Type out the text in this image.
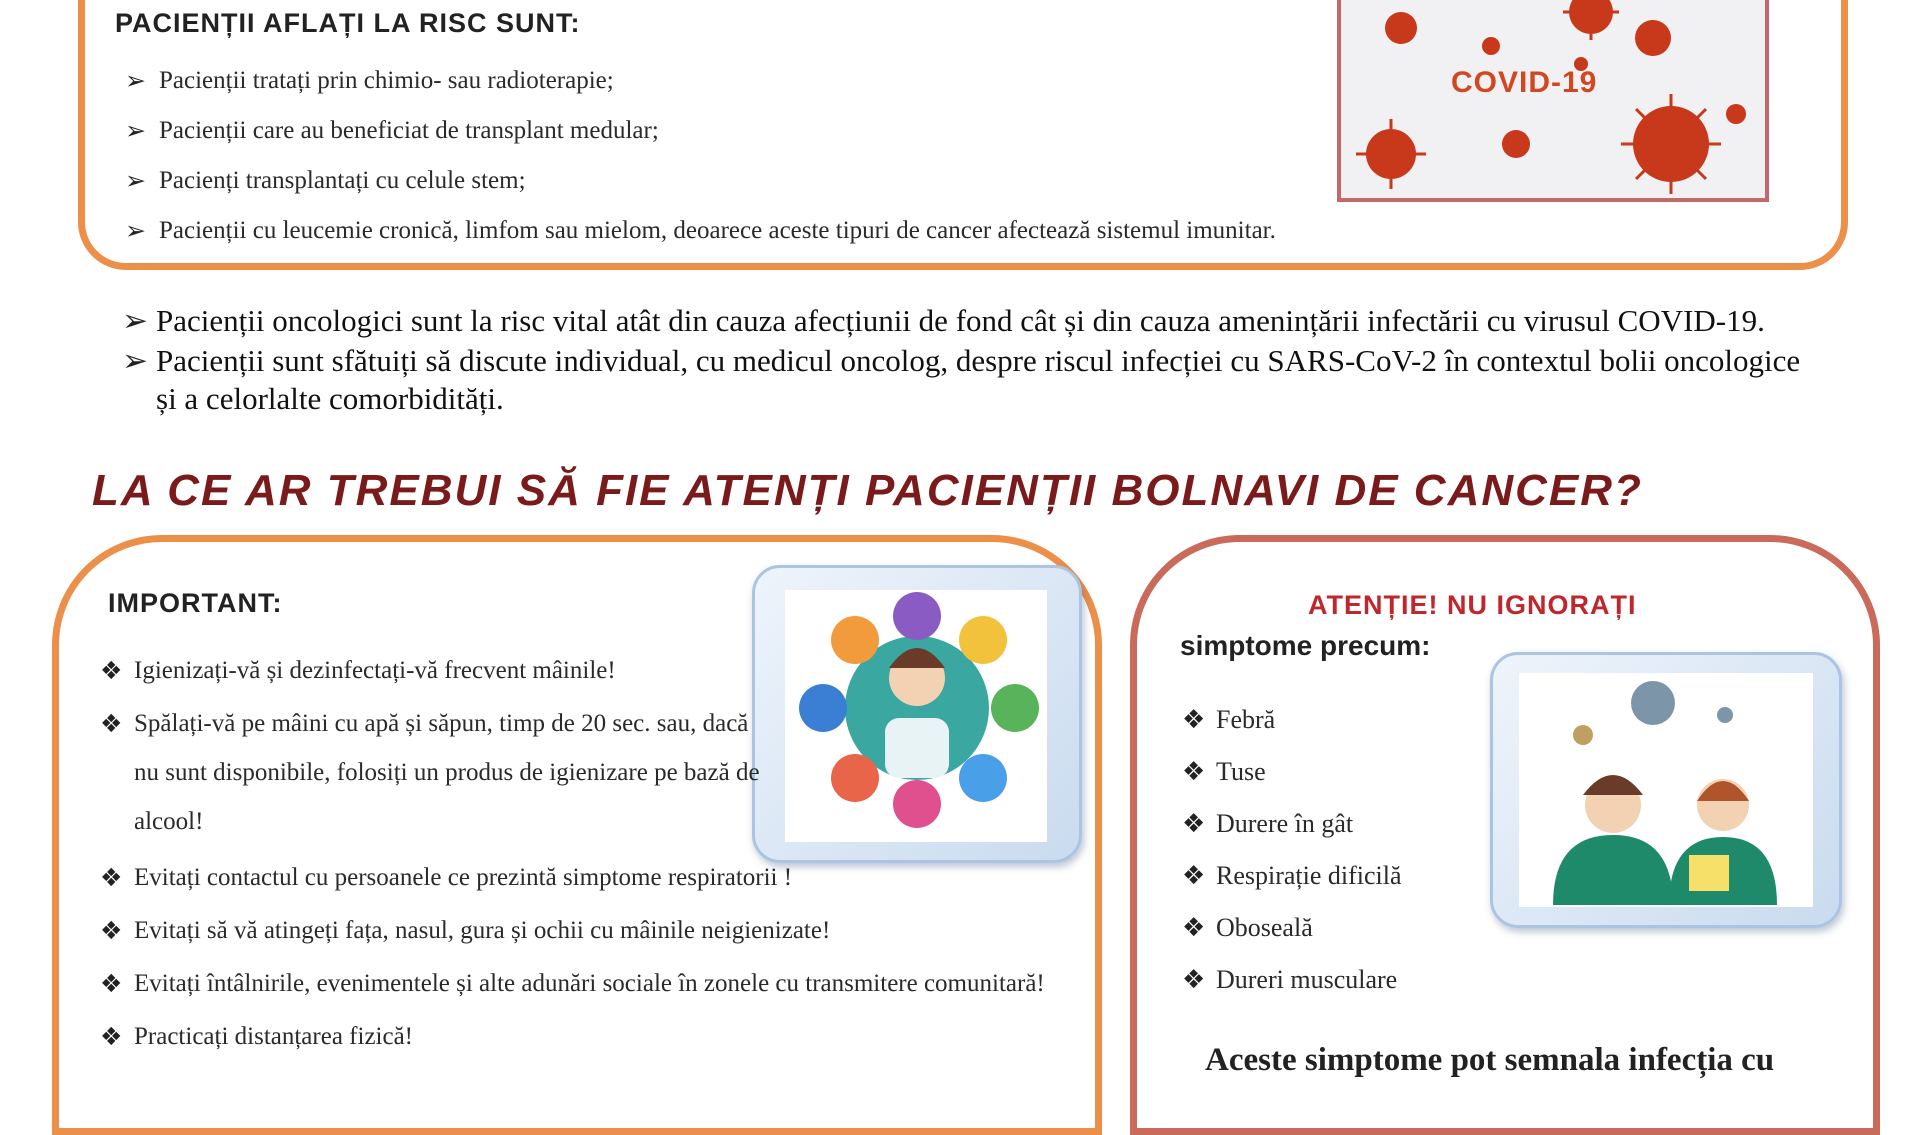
PACIENȚII AFLAȚI LA RISC SUNT:
➢ Pacienții tratați prin chimio- sau radioterapie;
➢ Pacienții care au beneficiat de transplant medular;
➢ Pacienți transplantați cu celule stem;
➢ Pacienții cu leucemie cronică, limfom sau mielom, deoarece aceste tipuri de cancer afectează sistemul imunitar.
COVID-19
➢ Pacienții oncologici sunt la risc vital atât din cauza afecțiunii de fond cât și din cauza amenințării infectării cu virusul COVID-19.
➢ Pacienții sunt sfătuiți să discute individual, cu medicul oncolog, despre riscul infecției cu SARS-CoV-2 în contextul bolii oncologice și a celorlalte comorbidități.
LA CE AR TREBUI SĂ FIE ATENȚI PACIENȚII BOLNAVI DE CANCER?
IMPORTANT:
❖ Igienizați-vă și dezinfectați-vă frecvent mâinile!
❖ Spălați-vă pe mâini cu apă și săpun, timp de 20 sec. sau, dacă nu sunt disponibile, folosiți un produs de igienizare pe bază de alcool!
❖ Evitați contactul cu persoanele ce prezintă simptome respiratorii !
❖ Evitați să vă atingeți fața, nasul, gura și ochii cu mâinile neigienizate!
❖ Evitați întâlnirile, evenimentele și alte adunări sociale în zonele cu transmitere comunitară!
❖ Practicați distanțarea fizică!
ATENȚIE! NU IGNORAȚI
simptome precum:
❖ Febră
❖ Tuse
❖ Durere în gât
❖ Respirație dificilă
❖ Oboseală
❖ Dureri musculare
Aceste simptome pot semnala infecția cu
